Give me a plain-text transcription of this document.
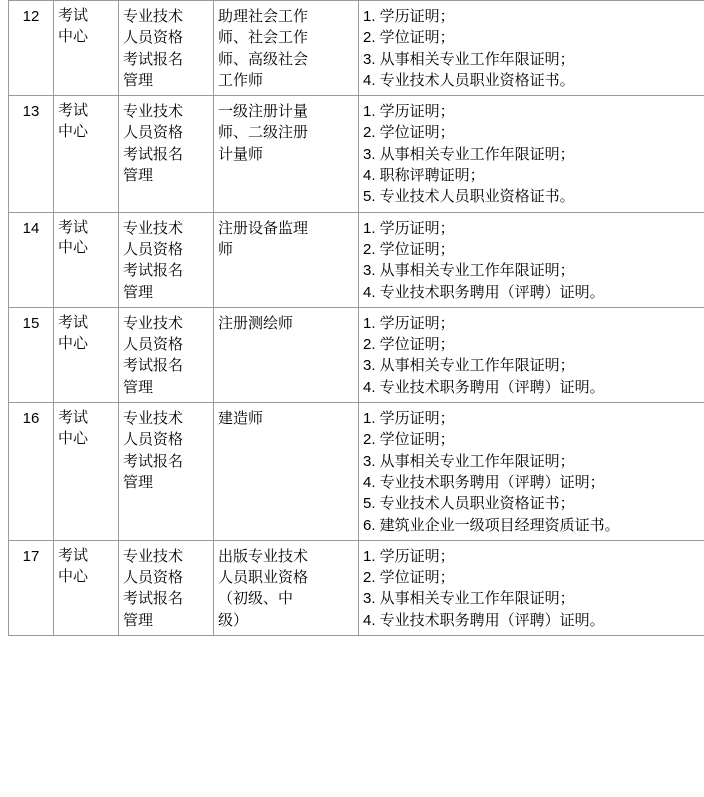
12	考试
中心

专业技术
人员资格
考试报名
管理

助理社会工作
师、社会工作
师、高级社会
工作师

1. 学历证明；
2. 学位证明；
3. 从事相关专业工作年限证明；
4. 专业技术人员职业资格证书。

13	考试
中心

专业技术
人员资格
考试报名
管理

一级注册计量
师、二级注册
计量师

1. 学历证明；
2. 学位证明；
3. 从事相关专业工作年限证明；
4. 职称评聘证明；
5. 专业技术人员职业资格证书。

14	考试
中心

专业技术
人员资格
考试报名
管理

注册设备监理
师

1. 学历证明；
2. 学位证明；
3. 从事相关专业工作年限证明；
4. 专业技术职务聘用（评聘）证明。

15	考试
中心

专业技术
人员资格
考试报名
管理

注册测绘师	1. 学历证明；
2. 学位证明；
3. 从事相关专业工作年限证明；
4. 专业技术职务聘用（评聘）证明。

16	考试
中心

专业技术
人员资格
考试报名
管理

建造师	1. 学历证明；
2. 学位证明；
3. 从事相关专业工作年限证明；
4. 专业技术职务聘用（评聘）证明；
5. 专业技术人员职业资格证书；
6. 建筑业企业一级项目经理资质证书。

17	考试
中心

专业技术
人员资格
考试报名
管理

出版专业技术
人员职业资格
（初级、中
级）

1. 学历证明；
2. 学位证明；
3. 从事相关专业工作年限证明；
4. 专业技术职务聘用（评聘）证明。
